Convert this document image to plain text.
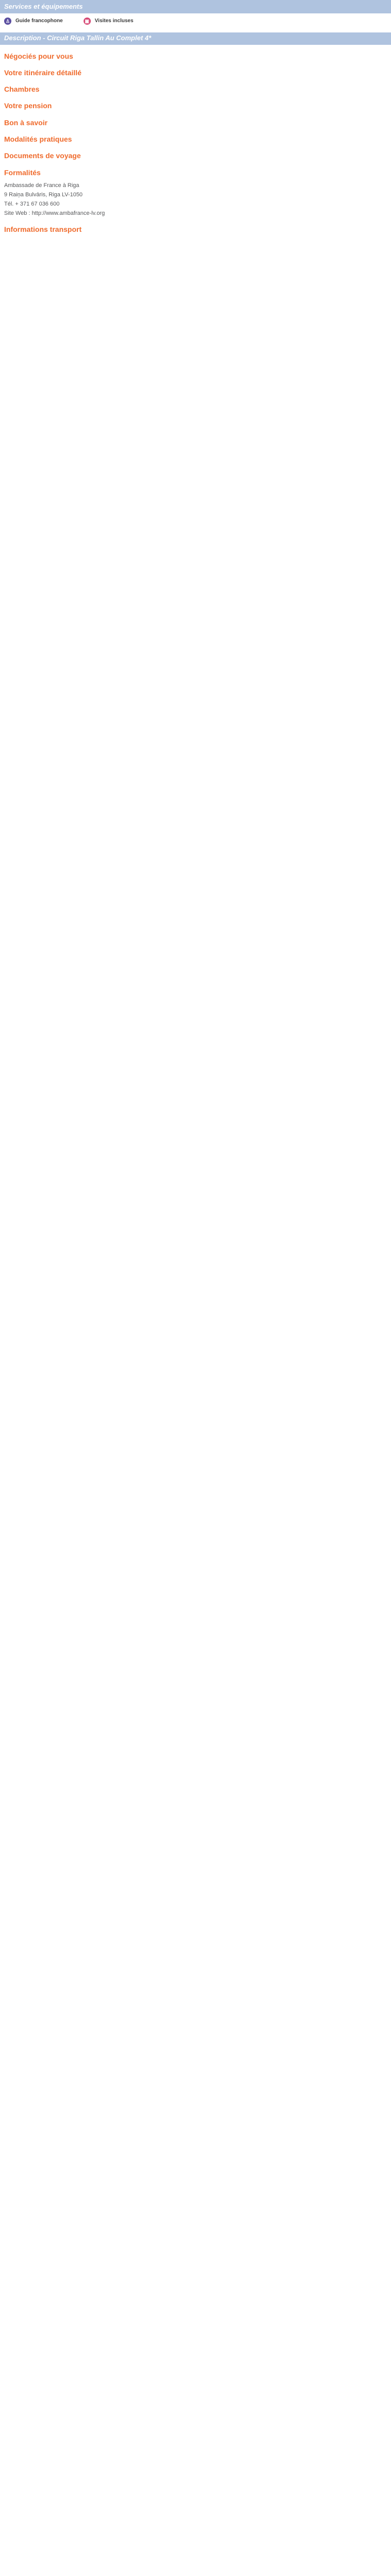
Services et équipements
♙ Guide francophone	▣ Visites incluses
Description - Circuit Riga Tallin Au Complet 4*
Négociés pour vous
Votre itinéraire détaillé
Chambres
Votre pension
Bon à savoir
Modalités pratiques
Documents de voyage
Formalités
Ambassade de France à Riga
9 Raiņa Bulvāris, Riga LV-1050
Tél. + 371 67 036 600
Site Web : http://www.ambafrance-lv.org
Informations transport
